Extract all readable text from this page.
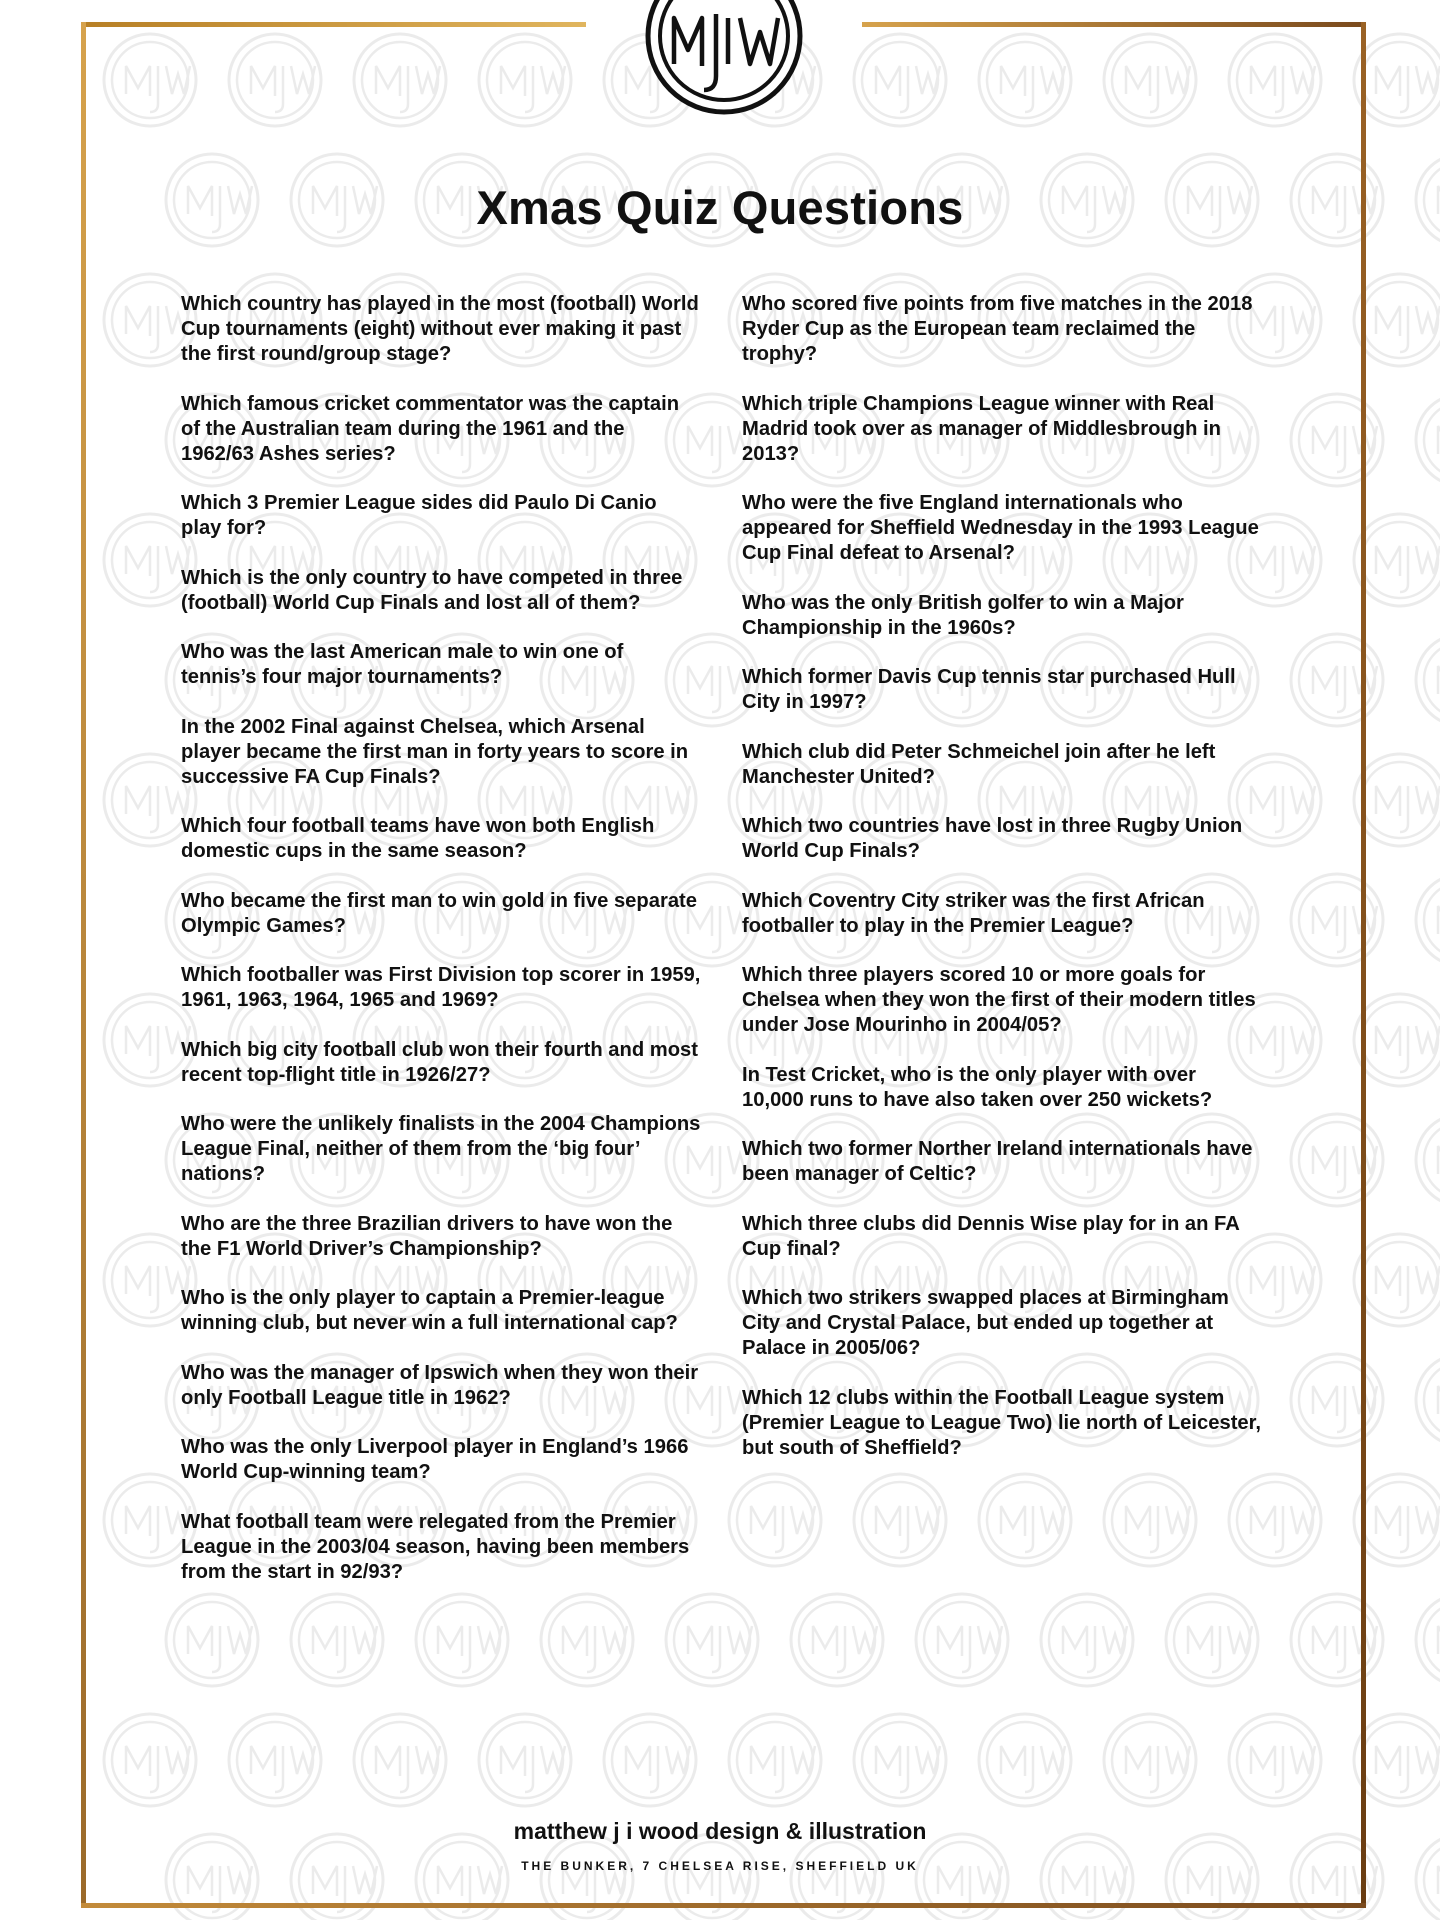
Xmas Quiz Questions

Which country has played in the most (football) World Cup tournaments (eight) without ever making it past the first round/group stage?

Which famous cricket commentator was the captain of the Australian team during the 1961 and the 1962/63 Ashes series?

Which 3 Premier League sides did Paulo Di Canio play for?

Which is the only country to have competed in three (football) World Cup Finals and lost all of them?

Who was the last American male to win one of tennis’s four major tournaments?

In the 2002 Final against Chelsea, which Arsenal player became the first man in forty years to score in successive FA Cup Finals?

Which four football teams have won both English domestic cups in the same season?

Who became the first man to win gold in five separate Olympic Games?

Which footballer was First Division top scorer in 1959, 1961, 1963, 1964, 1965 and 1969?

Which big city football club won their fourth and most recent top-flight title in 1926/27?

Who were the unlikely finalists in the 2004 Champions League Final, neither of them from the ‘big four’ nations?

Who are the three Brazilian drivers to have won the the F1 World Driver’s Championship?

Who is the only player to captain a Premier-league winning club, but never win a full international cap?

Who was the manager of Ipswich when they won their only Football League title in 1962?

Who was the only Liverpool player in England’s 1966 World Cup-winning team?

What football team were relegated from the Premier League in the 2003/04 season, having been members from the start in 92/93?

Who scored five points from five matches in the 2018 Ryder Cup as the European team reclaimed the trophy?

Which triple Champions League winner with Real Madrid took over as manager of Middlesbrough in 2013?

Who were the five England internationals who appeared for Sheffield Wednesday in the 1993 League Cup Final defeat to Arsenal?

Who was the only British golfer to win a Major Championship in the 1960s?

Which former Davis Cup tennis star purchased Hull City in 1997?

Which club did Peter Schmeichel join after he left Manchester United?

Which two countries have lost in three Rugby Union World Cup Finals?

Which Coventry City striker was the first African footballer to play in the Premier League?

Which three players scored 10 or more goals for Chelsea when they won the first of their modern titles under Jose Mourinho in 2004/05?

In Test Cricket, who is the only player with over 10,000 runs to have also taken over 250 wickets?

Which two former Norther Ireland internationals have been manager of Celtic?

Which three clubs did Dennis Wise play for in an FA Cup final?

Which two strikers swapped places at Birmingham City and Crystal Palace, but ended up together at Palace in 2005/06?

Which 12 clubs within the Football League system (Premier League to League Two) lie north of Leicester, but south of Sheffield?

matthew j i wood design & illustration
THE BUNKER, 7 CHELSEA RISE, SHEFFIELD UK
